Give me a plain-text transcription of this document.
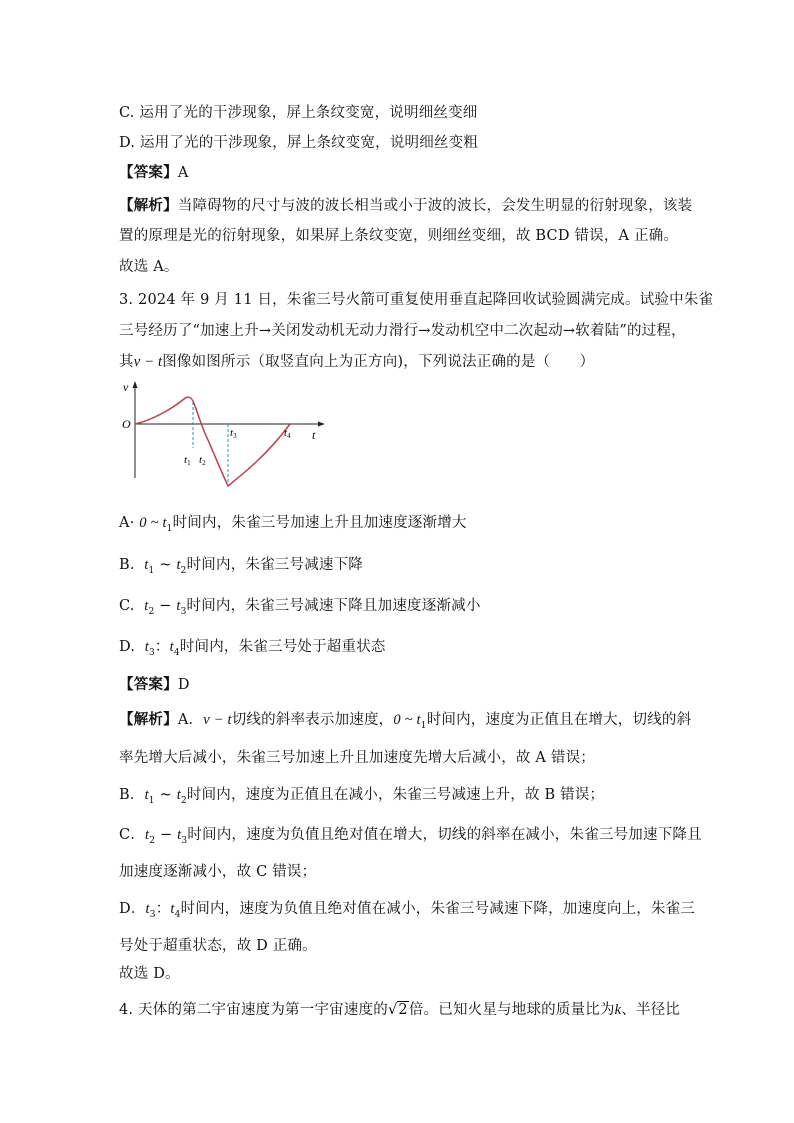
C. 运用了光的干涉现象，屏上条纹变宽，说明细丝变细
D. 运用了光的干涉现象，屏上条纹变宽，说明细丝变粗
【答案】A
【解析】当障碍物的尺寸与波的波长相当或小于波的波长，会发生明显的衍射现象，该装
置的原理是光的衍射现象，如果屏上条纹变宽，则细丝变细，故 BCD 错误，A 正确。
故选 A。
3. 2024 年 9 月 11 日，朱雀三号火箭可重复使用垂直起降回收试验圆满完成。试验中朱雀
三号经历了“加速上升→关闭发动机无动力滑行→发动机空中二次起动→软着陆”的过程，
其v − t图像如图所示（取竖直向上为正方向)，下列说法正确的是（　　）
v
t
O
t1 t2
t3	t4
A· 0 ~ $t_1$时间内，朱雀三号加速上升且加速度逐渐增大
B. $t_1$ ~ $t_2$时间内，朱雀三号减速下降
C. $t_2 - t_3$时间内，朱雀三号减速下降且加速度逐渐减小
D. $t_3$：$t_4$时间内，朱雀三号处于超重状态
【答案】D
【解析】A．v − t切线的斜率表示加速度，0 ~ $t_1$时间内，速度为正值且在增大，切线的斜
率先增大后减小，朱雀三号加速上升且加速度先增大后减小，故 A 错误；
B．$t_1$ ~ $t_2$时间内，速度为正值且在减小，朱雀三号减速上升，故 B 错误；
C．$t_2 - t_3$时间内，速度为负值且绝对值在增大，切线的斜率在减小，朱雀三号加速下降且
加速度逐渐减小，故 C 错误；
D．$t_3$：$t_4$时间内，速度为负值且绝对值在减小，朱雀三号减速下降，加速度向上，朱雀三
号处于超重状态，故 D 正确。
故选 D。
4. 天体的第二宇宙速度为第一宇宙速度的√2倍。已知火星与地球的质量比为k、半径比
